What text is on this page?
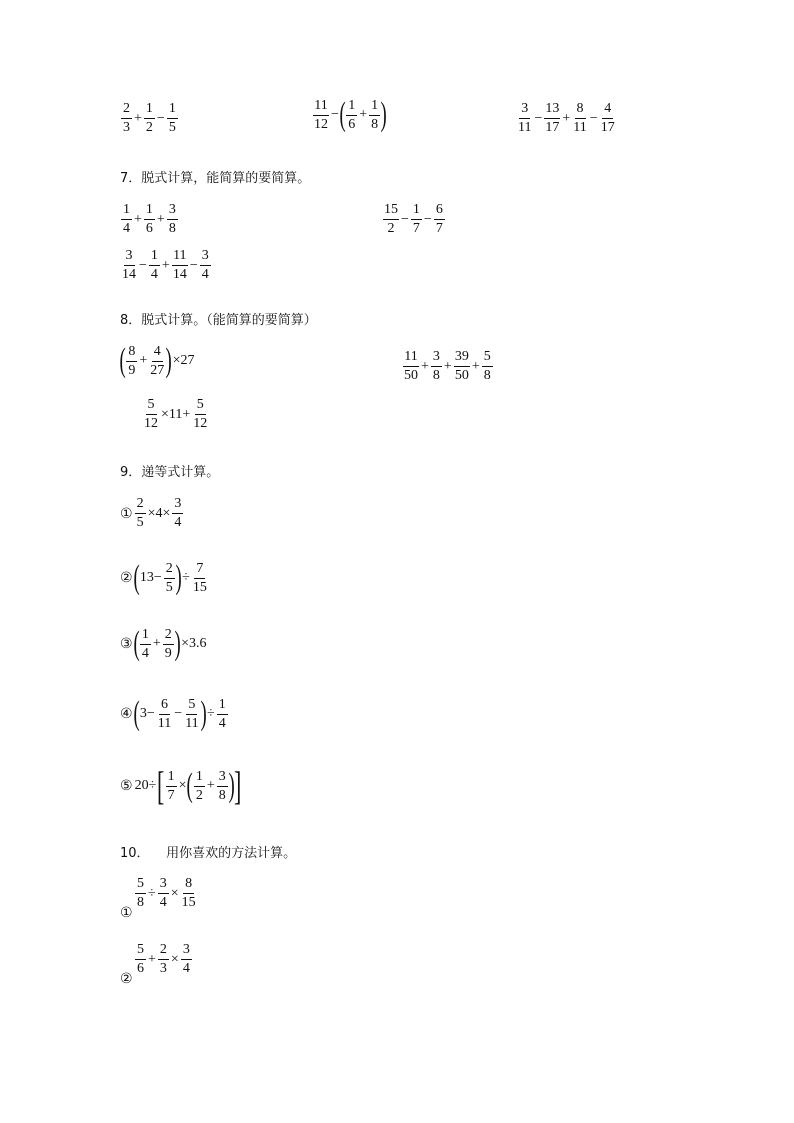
$\frac{2}{3} + \frac{1}{2} - \frac{1}{5}$	$\frac{11}{12}$ − ( $\frac{1}{6} + \frac{1}{8}$ )	$\frac{3}{11} - \frac{13}{17} + \frac{8}{11} - \frac{4}{17}$
7．脱式计算，能简算的要简算。
$\frac{1}{4} + \frac{1}{6} + \frac{3}{8}$	$\frac{15}{2} - \frac{1}{7} - \frac{6}{7}$
$\frac{3}{14} - \frac{1}{4} + \frac{11}{14} - \frac{3}{4}$
8．脱式计算。（能简算的要简算）
( $\frac{8}{9} + \frac{4}{27}$ ) ×27	$\frac{11}{50} + \frac{3}{8} + \frac{39}{50} + \frac{5}{8}$
$\frac{5}{12} \times 11+ \frac{5}{12}$
9．递等式计算。
① $\frac{2}{5} \times 4\times \frac{3}{4}$
② ( $13- \frac{2}{5}$ ) ÷ $\frac{7}{15}$
③ ( $\frac{1}{4} + \frac{2}{9}$ ) ×3.6
④ ( $3- \frac{6}{11} - \frac{5}{11}$ ) ÷ $\frac{1}{4}$
⑤ 20÷ [ $\frac{1}{7}$ × ( $\frac{1}{2} + \frac{3}{8}$ ) ]
10．    用你喜欢的方法计算。
①
$\frac{5}{8} \div \frac{3}{4} \times \frac{8}{15}$
②
$\frac{5}{6} + \frac{2}{3} \times \frac{3}{4}$
